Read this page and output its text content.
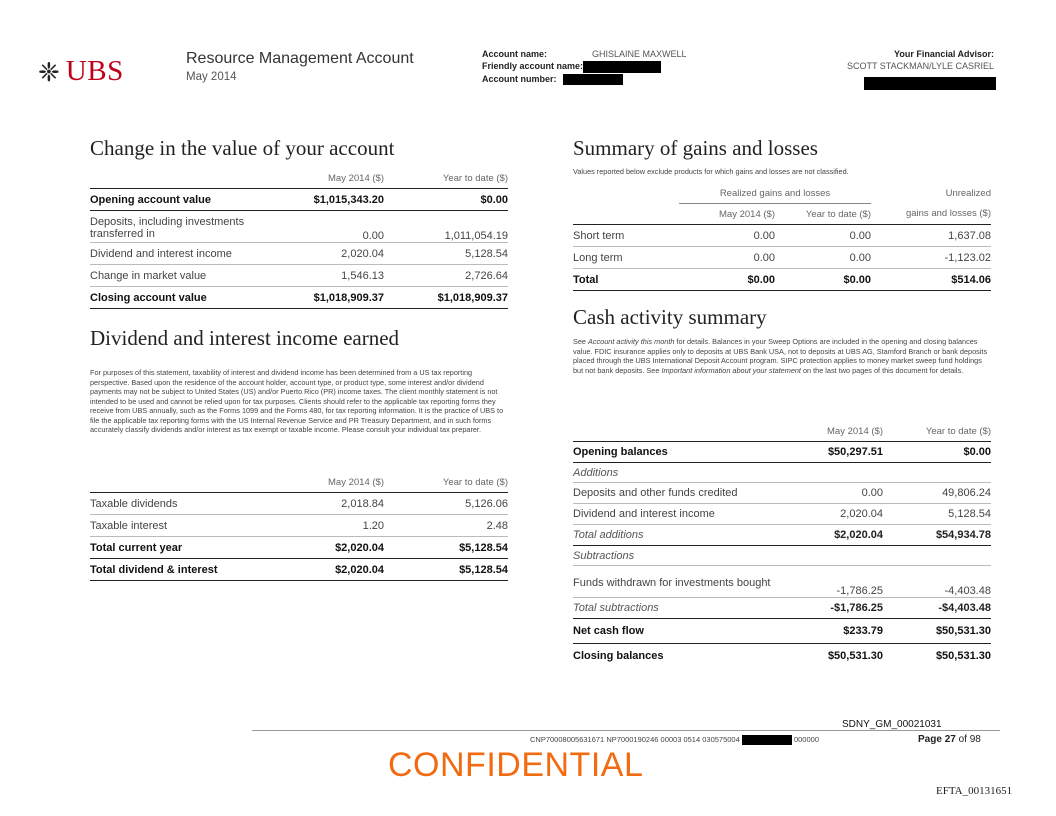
❈ UBS	Resource Management Account
May 2014
Account name:	GHISLAINE MAXWELL
Friendly account name:
Account number:
Your Financial Advisor:
SCOTT STACKMAN/LYLE CASRIEL
Change in the value of your account
	May 2014 ($)	Year to date ($)
Opening account value	$1,015,343.20	$0.00
Deposits, including investments transferred in	0.00	1,011,054.19
Dividend and interest income	2,020.04	5,128.54
Change in market value	1,546.13	2,726.64
Closing account value	$1,018,909.37	$1,018,909.37
Dividend and interest income earned
For purposes of this statement, taxability of interest and dividend income has been determined from a US tax reporting perspective. Based upon the residence of the account holder, account type, or product type, some interest and/or dividend payments may not be subject to United States (US) and/or Puerto Rico (PR) income taxes. The client monthly statement is not intended to be used and cannot be relied upon for tax purposes. Clients should refer to the applicable tax reporting forms they receive from UBS annually, such as the Forms 1099 and the Forms 480, for tax reporting information. It is the practice of UBS to file the applicable tax reporting forms with the US Internal Revenue Service and PR Treasury Department, and in such forms accurately classify dividends and/or interest as tax exempt or taxable income. Please consult your individual tax preparer.
	May 2014 ($)	Year to date ($)
Taxable dividends	2,018.84	5,126.06
Taxable interest	1.20	2.48
Total current year	$2,020.04	$5,128.54
Total dividend & interest	$2,020.04	$5,128.54
Summary of gains and losses
Values reported below exclude products for which gains and losses are not classified.
	Realized gains and losses		Unrealized
	May 2014 ($)	Year to date ($)	gains and losses ($)
Short term	0.00	0.00	1,637.08
Long term	0.00	0.00	-1,123.02
Total	$0.00	$0.00	$514.06
Cash activity summary
See Account activity this month for details. Balances in your Sweep Options are included in the opening and closing balances value. FDIC insurance applies only to deposits at UBS Bank USA, not to deposits at UBS AG, Stamford Branch or bank deposits placed through the UBS International Deposit Account program. SIPC protection applies to money market sweep fund holdings but not bank deposits. See Important information about your statement on the last two pages of this document for details.
	May 2014 ($)	Year to date ($)
Opening balances	$50,297.51	$0.00
Additions		
Deposits and other funds credited	0.00	49,806.24
Dividend and interest income	2,020.04	5,128.54
Total additions	$2,020.04	$54,934.78
Subtractions		
Funds withdrawn for investments bought	-1,786.25	-4,403.48
Total subtractions	-$1,786.25	-$4,403.48
Net cash flow	$233.79	$50,531.30
Closing balances	$50,531.30	$50,531.30
SDNY_GM_00021031
CNP70008005631671 NP7000190246 00003 0514 030575004	000000	Page 27 of 98
CONFIDENTIAL
EFTA_00131651
